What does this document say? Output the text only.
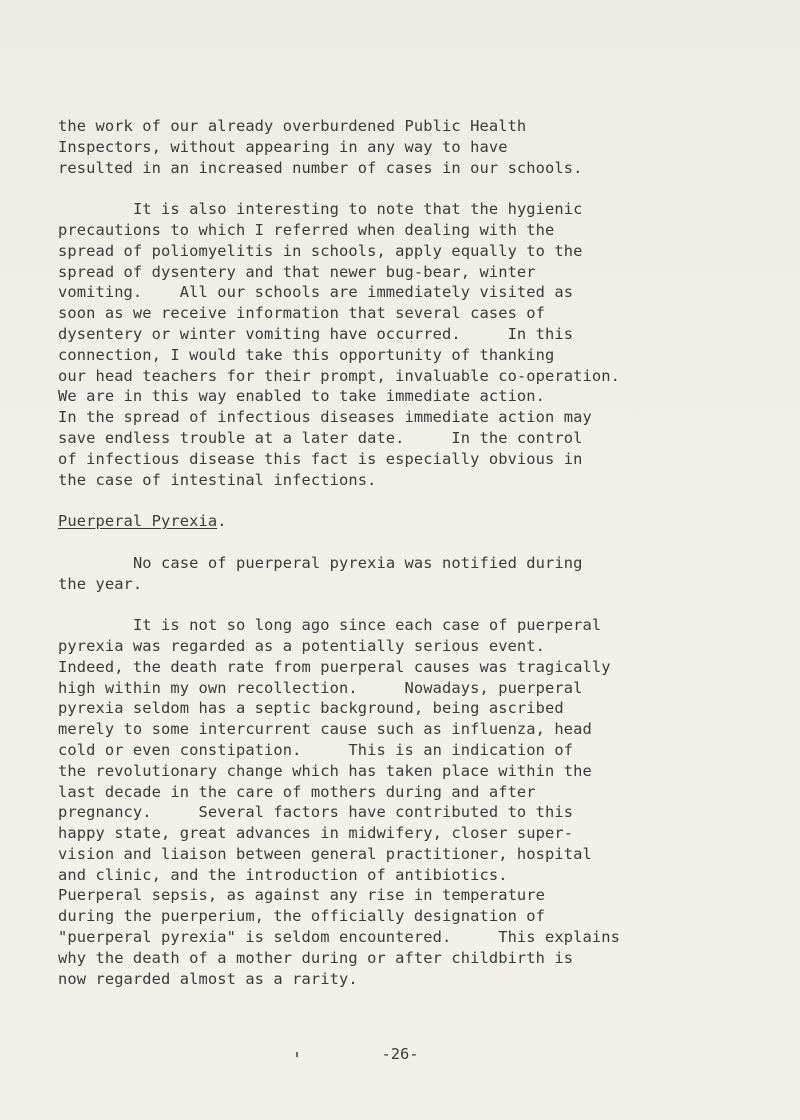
the work of our already overburdened Public Health
Inspectors, without appearing in any way to have
resulted in an increased number of cases in our schools.

It is also interesting to note that the hygienic
precautions to which I referred when dealing with the
spread of poliomyelitis in schools, apply equally to the
spread of dysentery and that newer bug-bear, winter
vomiting.    All our schools are immediately visited as
soon as we receive information that several cases of
dysentery or winter vomiting have occurred.     In this
connection, I would take this opportunity of thanking
our head teachers for their prompt, invaluable co-operation.
We are in this way enabled to take immediate action.
In the spread of infectious diseases immediate action may
save endless trouble at a later date.     In the control
of infectious disease this fact is especially obvious in
the case of intestinal infections.

Puerperal Pyrexia.

No case of puerperal pyrexia was notified during
the year.

It is not so long ago since each case of puerperal
pyrexia was regarded as a potentially serious event.
Indeed, the death rate from puerperal causes was tragically
high within my own recollection.     Nowadays, puerperal
pyrexia seldom has a septic background, being ascribed
merely to some intercurrent cause such as influenza, head
cold or even constipation.     This is an indication of
the revolutionary change which has taken place within the
last decade in the care of mothers during and after
pregnancy.     Several factors have contributed to this
happy state, great advances in midwifery, closer super-
vision and liaison between general practitioner, hospital
and clinic, and the introduction of antibiotics.
Puerperal sepsis, as against any rise in temperature
during the puerperium, the officially designation of
"puerperal pyrexia" is seldom encountered.     This explains
why the death of a mother during or after childbirth is
now regarded almost as a rarity.

-26-
